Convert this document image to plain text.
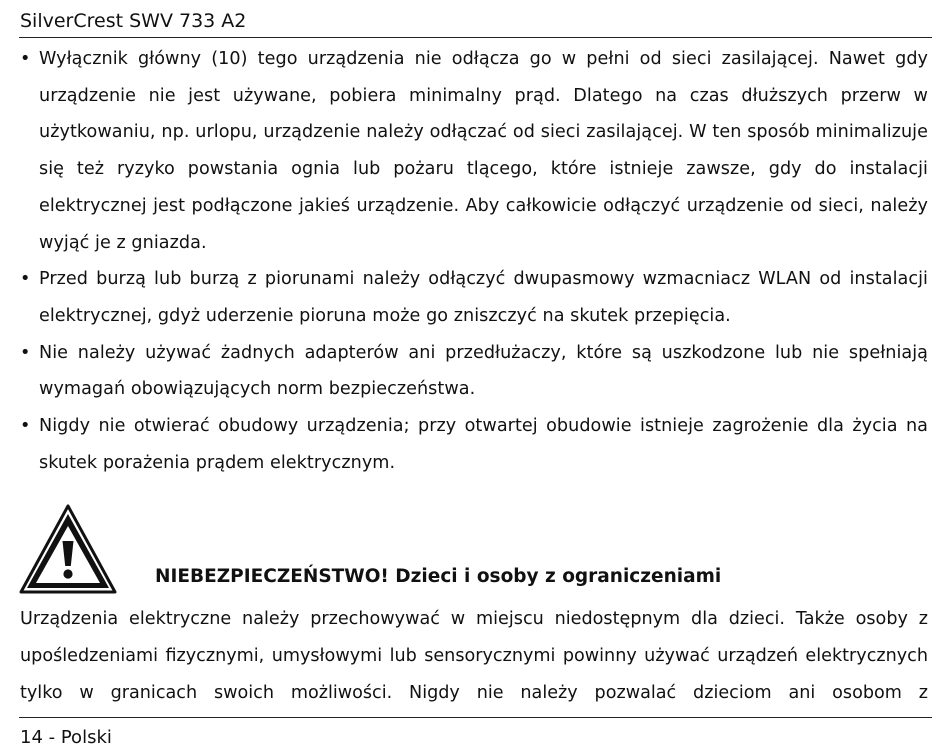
SilverCrest SWV 733 A2
• Wyłącznik główny (10) tego urządzenia nie odłącza go w pełni od sieci zasilającej. Nawet gdy urządzenie nie jest używane, pobiera minimalny prąd. Dlatego na czas dłuższych przerw w użytkowaniu, np. urlopu, urządzenie należy odłączać od sieci zasilającej. W ten sposób minimalizuje się też ryzyko powstania ognia lub pożaru tlącego, które istnieje zawsze, gdy do instalacji elektrycznej jest podłączone jakieś urządzenie. Aby całkowicie odłączyć urządzenie od sieci, należy wyjąć je z gniazda.
• Przed burzą lub burzą z piorunami należy odłączyć dwupasmowy wzmacniacz WLAN od instalacji elektrycznej, gdyż uderzenie pioruna może go zniszczyć na skutek przepięcia.
• Nie należy używać żadnych adapterów ani przedłużaczy, które są uszkodzone lub nie spełniają wymagań obowiązujących norm bezpieczeństwa.
• Nigdy nie otwierać obudowy urządzenia; przy otwartej obudowie istnieje zagrożenie dla życia na skutek porażenia prądem elektrycznym.
NIEBEZPIECZEŃSTWO! Dzieci i osoby z ograniczeniami

Urządzenia elektryczne należy przechowywać w miejscu niedostępnym dla dzieci. Także osoby z upośledzeniami fizycznymi, umysłowymi lub sensorycznymi powinny używać urządzeń elektrycznych tylko w granicach swoich możliwości. Nigdy nie należy pozwalać dzieciom ani osobom z

14 - Polski
